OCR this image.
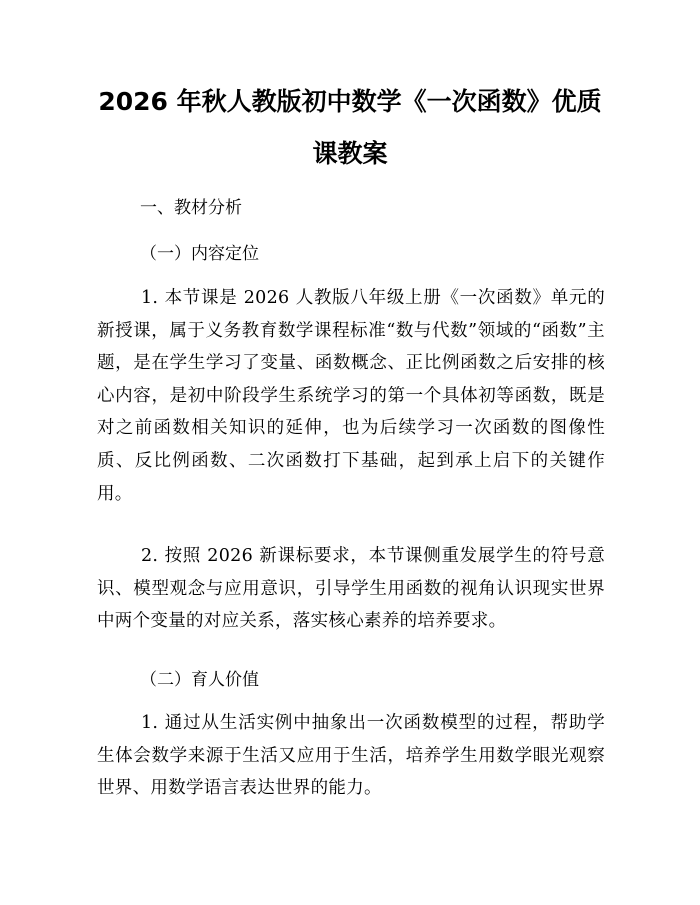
2026 年秋人教版初中数学《一次函数》优质
课教案

一、教材分析

（一）内容定位

1. 本节课是 2026 人教版八年级上册《一次函数》单元的新授课，属于义务教育数学课程标准“数与代数”领域的“函数”主题，是在学生学习了变量、函数概念、正比例函数之后安排的核心内容，是初中阶段学生系统学习的第一个具体初等函数，既是对之前函数相关知识的延伸，也为后续学习一次函数的图像性质、反比例函数、二次函数打下基础，起到承上启下的关键作用。

2. 按照 2026 新课标要求，本节课侧重发展学生的符号意识、模型观念与应用意识，引导学生用函数的视角认识现实世界中两个变量的对应关系，落实核心素养的培养要求。

（二）育人价值

1. 通过从生活实例中抽象出一次函数模型的过程，帮助学生体会数学来源于生活又应用于生活，培养学生用数学眼光观察世界、用数学语言表达世界的能力。
